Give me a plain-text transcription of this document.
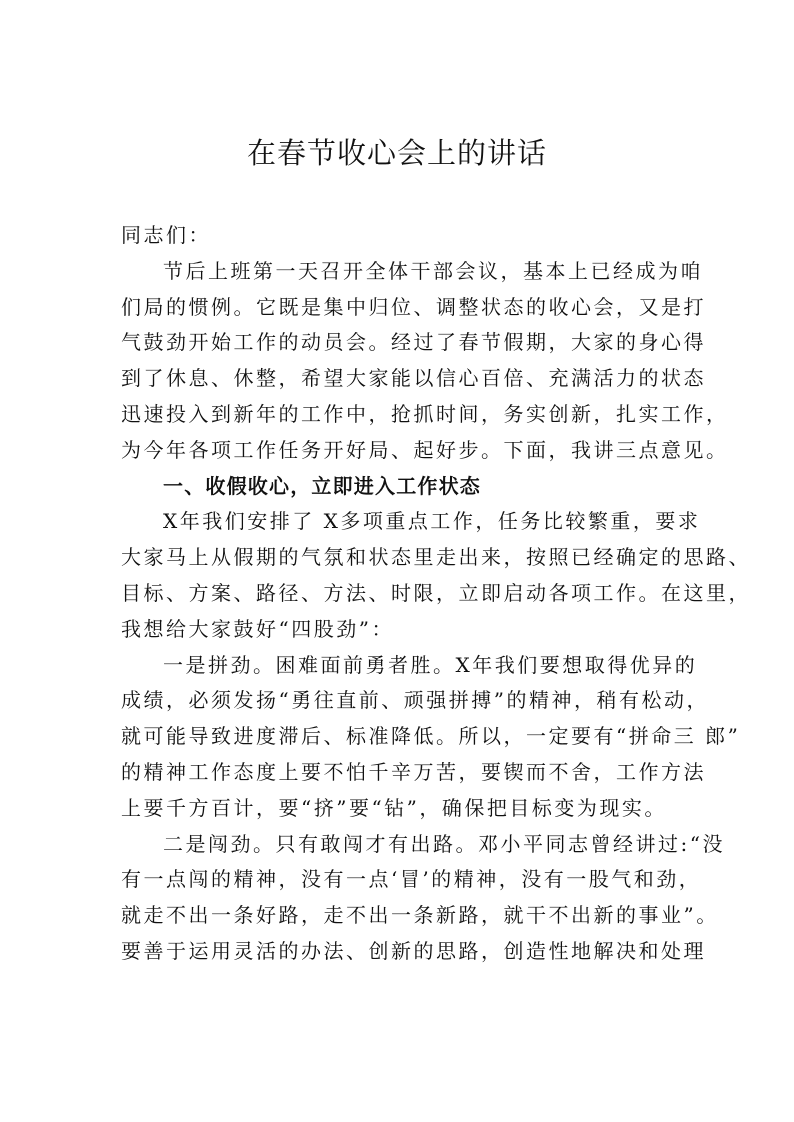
在春节收心会上的讲话
同志们：
节后上班第一天召开全体干部会议，基本上已经成为咱
们局的惯例。它既是集中归位、调整状态的收心会，又是打
气鼓劲开始工作的动员会。经过了春节假期，大家的身心得
到了休息、休整，希望大家能以信心百倍、充满活力的状态
迅速投入到新年的工作中，抢抓时间，务实创新，扎实工作，
为今年各项工作任务开好局、起好步。下面，我讲三点意见。
一、收假收心，立即进入工作状态
X年我们安排了 X多项重点工作，任务比较繁重，要求
大家马上从假期的气氛和状态里走出来，按照已经确定的思路、
目标、方案、路径、方法、时限，立即启动各项工作。在这里，
我想给大家鼓好“四股劲”：
一是拼劲。困难面前勇者胜。X年我们要想取得优异的
成绩，必须发扬“勇往直前、顽强拼搏”的精神，稍有松动，
就可能导致进度滞后、标准降低。所以，一定要有“拼命三 郎”
的精神工作态度上要不怕千辛万苦，要锲而不舍，工作方法
上要千方百计，要“挤”要“钻”，确保把目标变为现实。
二是闯劲。只有敢闯才有出路。邓小平同志曾经讲过:“没
有一点闯的精神，没有一点‘冒’的精神，没有一股气和劲，
就走不出一条好路，走不出一条新路，就干不出新的事业”。
要善于运用灵活的办法、创新的思路，创造性地解决和处理
